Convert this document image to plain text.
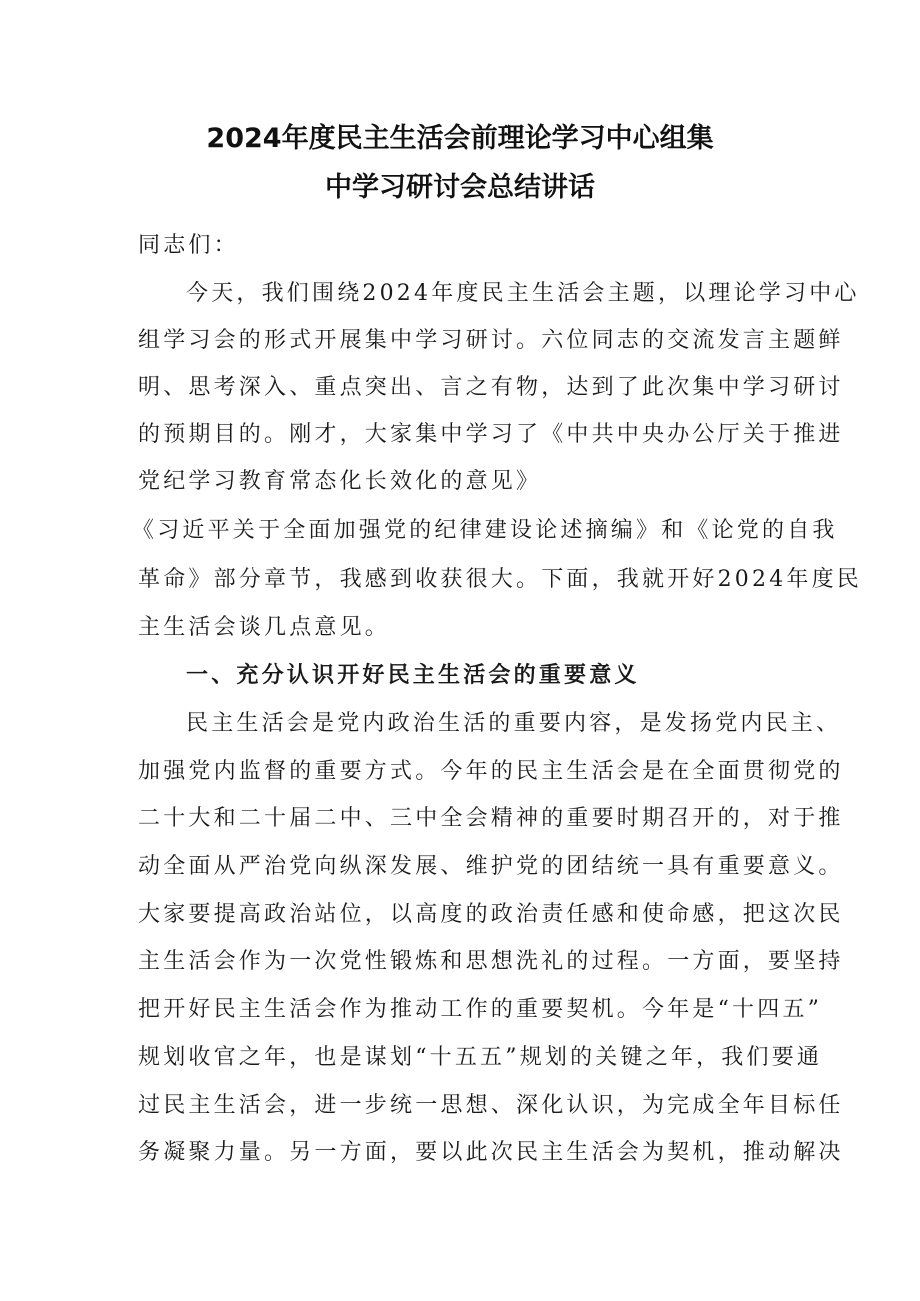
2024年度民主生活会前理论学习中心组集
中学习研讨会总结讲话
同志们：
今天，我们围绕2024年度民主生活会主题，以理论学习中心
组学习会的形式开展集中学习研讨。六位同志的交流发言主题鲜
明、思考深入、重点突出、言之有物，达到了此次集中学习研讨
的预期目的。刚才，大家集中学习了《中共中央办公厅关于推进
党纪学习教育常态化长效化的意见》
《习近平关于全面加强党的纪律建设论述摘编》和《论党的自我
革命》部分章节，我感到收获很大。下面，我就开好2024年度民
主生活会谈几点意见。
一、充分认识开好民主生活会的重要意义
民主生活会是党内政治生活的重要内容，是发扬党内民主、
加强党内监督的重要方式。今年的民主生活会是在全面贯彻党的
二十大和二十届二中、三中全会精神的重要时期召开的，对于推
动全面从严治党向纵深发展、维护党的团结统一具有重要意义。
大家要提高政治站位，以高度的政治责任感和使命感，把这次民
主生活会作为一次党性锻炼和思想洗礼的过程。一方面，要坚持
把开好民主生活会作为推动工作的重要契机。今年是“十四五”
规划收官之年，也是谋划“十五五”规划的关键之年，我们要通
过民主生活会，进一步统一思想、深化认识，为完成全年目标任
务凝聚力量。另一方面，要以此次民主生活会为契机，推动解决
